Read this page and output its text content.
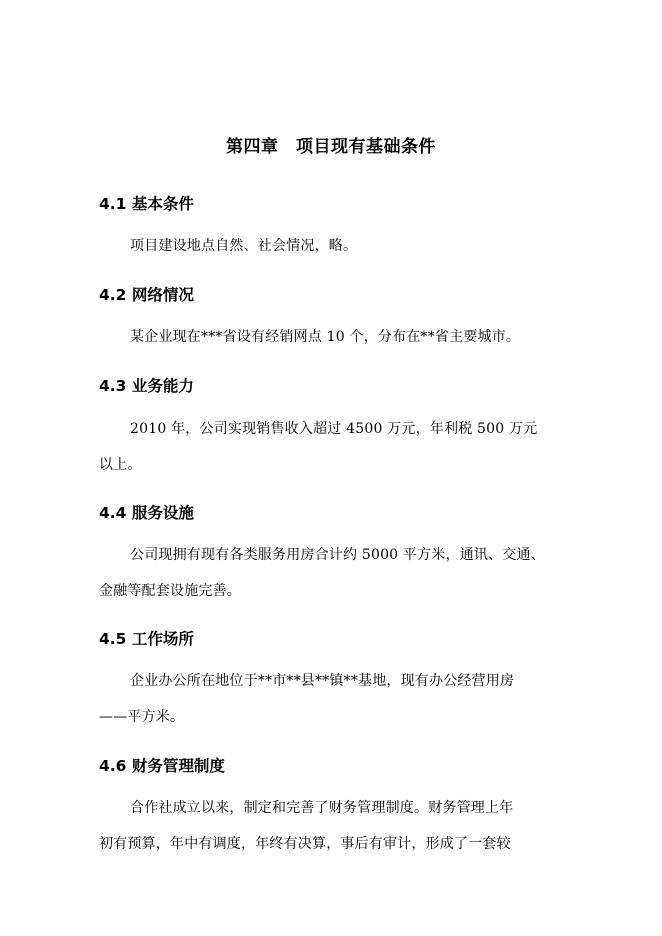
第四章　项目现有基础条件
4.1 基本条件
项目建设地点自然、社会情况，略。
4.2 网络情况
某企业现在***省设有经销网点 10 个，分布在**省主要城市。
4.3 业务能力
2010 年，公司实现销售收入超过 4500 万元，年利税 500 万元
以上。
4.4 服务设施
公司现拥有现有各类服务用房合计约 5000 平方米，通讯、交通、
金融等配套设施完善。
4.5 工作场所
企业办公所在地位于**市**县**镇**基地，现有办公经营用房
——平方米。
4.6 财务管理制度
合作社成立以来，制定和完善了财务管理制度。财务管理上年
初有预算，年中有调度，年终有决算，事后有审计，形成了一套较
